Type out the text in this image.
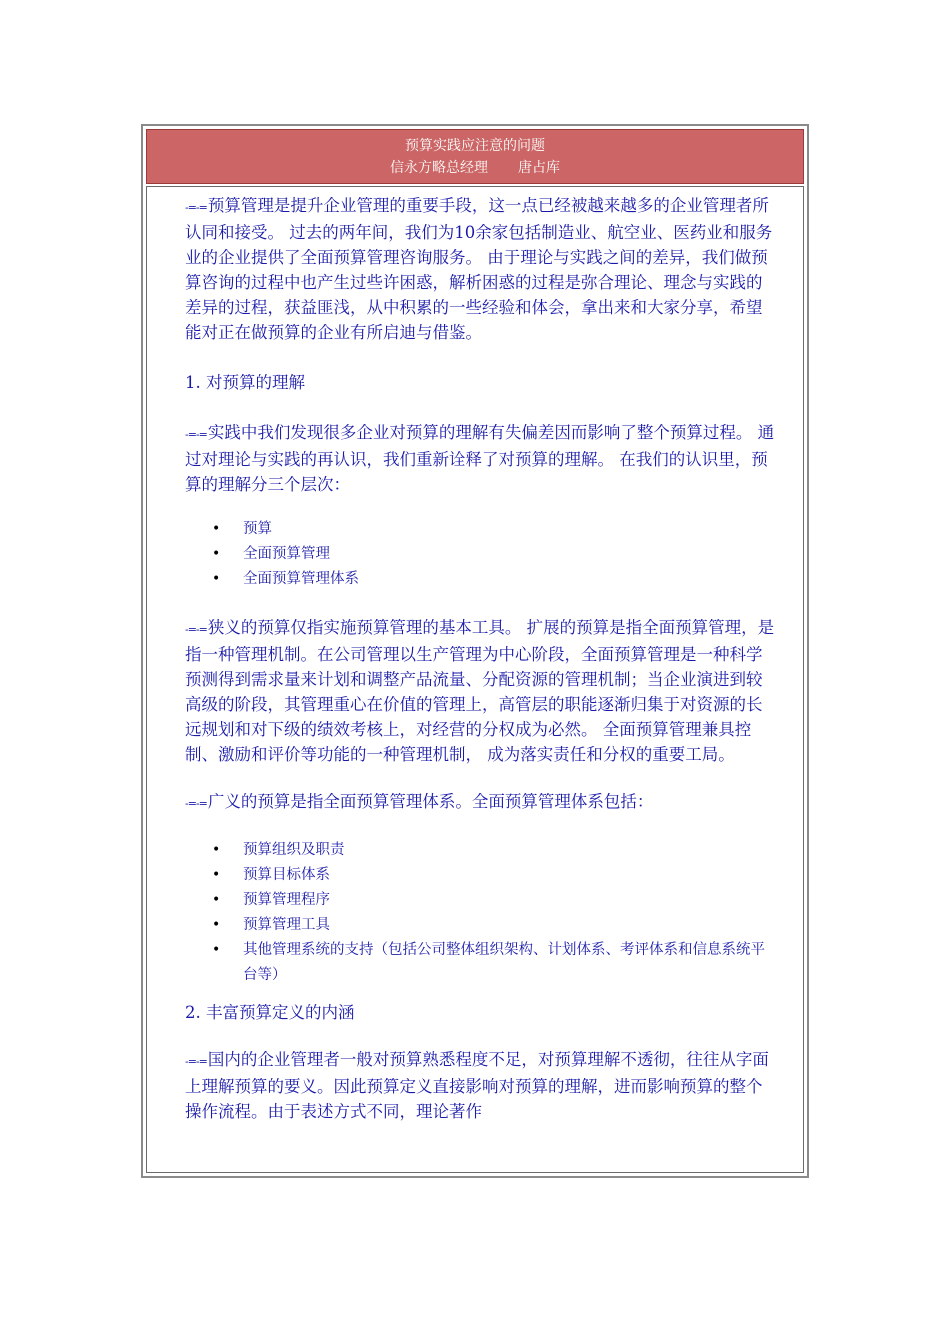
预算实践应注意的问题
信永方略总经理 唐占库

-=-=预算管理是提升企业管理的重要手段，这一点已经被越来越多的企业管理者所认同和接受。 过去的两年间，我们为10余家包括制造业、航空业、医药业和服务业的企业提供了全面预算管理咨询服务。 由于理论与实践之间的差异，我们做预算咨询的过程中也产生过些许困惑，解析困惑的过程是弥合理论、理念与实践的差异的过程，获益匪浅，从中积累的一些经验和体会，拿出来和大家分享，希望能对正在做预算的企业有所启迪与借鉴。

1. 对预算的理解

-=-=实践中我们发现很多企业对预算的理解有失偏差因而影响了整个预算过程。 通过对理论与实践的再认识，我们重新诠释了对预算的理解。 在我们的认识里，预算的理解分三个层次：

• 预算
• 全面预算管理
• 全面预算管理体系

-=-=狭义的预算仅指实施预算管理的基本工具。 扩展的预算是指全面预算管理，是指一种管理机制。在公司管理以生产管理为中心阶段，全面预算管理是一种科学预测得到需求量来计划和调整产品流量、分配资源的管理机制；当企业演进到较高级的阶段，其管理重心在价值的管理上，高管层的职能逐渐归集于对资源的长远规划和对下级的绩效考核上，对经营的分权成为必然。 全面预算管理兼具控制、激励和评价等功能的一种管理机制， 成为落实责任和分权的重要工局。

-=-=广义的预算是指全面预算管理体系。全面预算管理体系包括：

• 预算组织及职责
• 预算目标体系
• 预算管理程序
• 预算管理工具
• 其他管理系统的支持（包括公司整体组织架构、计划体系、考评体系和信息系统平台等）

2. 丰富预算定义的内涵

-=-=国内的企业管理者一般对预算熟悉程度不足，对预算理解不透彻，往往从字面上理解预算的要义。因此预算定义直接影响对预算的理解，进而影响预算的整个操作流程。由于表述方式不同，理论著作
